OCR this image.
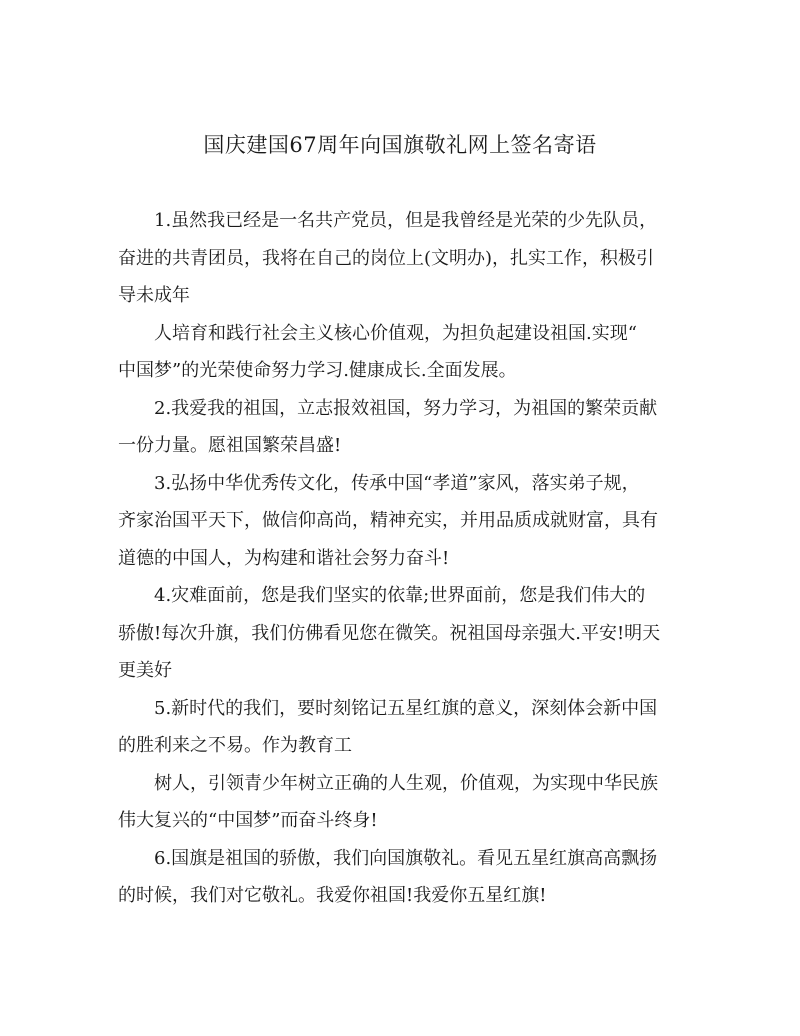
国庆建国67周年向国旗敬礼网上签名寄语

1.虽然我已经是一名共产党员，但是我曾经是光荣的少先队员，
奋进的共青团员，我将在自己的岗位上(文明办)，扎实工作，积极引
导未成年

人培育和践行社会主义核心价值观，为担负起建设祖国.实现“
中国梦”的光荣使命努力学习.健康成长.全面发展。

2.我爱我的祖国，立志报效祖国，努力学习，为祖国的繁荣贡献
一份力量。愿祖国繁荣昌盛!

3.弘扬中华优秀传文化，传承中国“孝道”家风，落实弟子规，
齐家治国平天下，做信仰高尚，精神充实，并用品质成就财富，具有
道德的中国人，为构建和谐社会努力奋斗!

4.灾难面前，您是我们坚实的依靠;世界面前，您是我们伟大的
骄傲!每次升旗，我们仿佛看见您在微笑。祝祖国母亲强大.平安!明天
更美好

5.新时代的我们，要时刻铭记五星红旗的意义，深刻体会新中国
的胜利来之不易。作为教育工

树人，引领青少年树立正确的人生观，价值观，为实现中华民族
伟大复兴的“中国梦”而奋斗终身!

6.国旗是祖国的骄傲，我们向国旗敬礼。看见五星红旗高高飘扬
的时候，我们对它敬礼。我爱你祖国!我爱你五星红旗!
